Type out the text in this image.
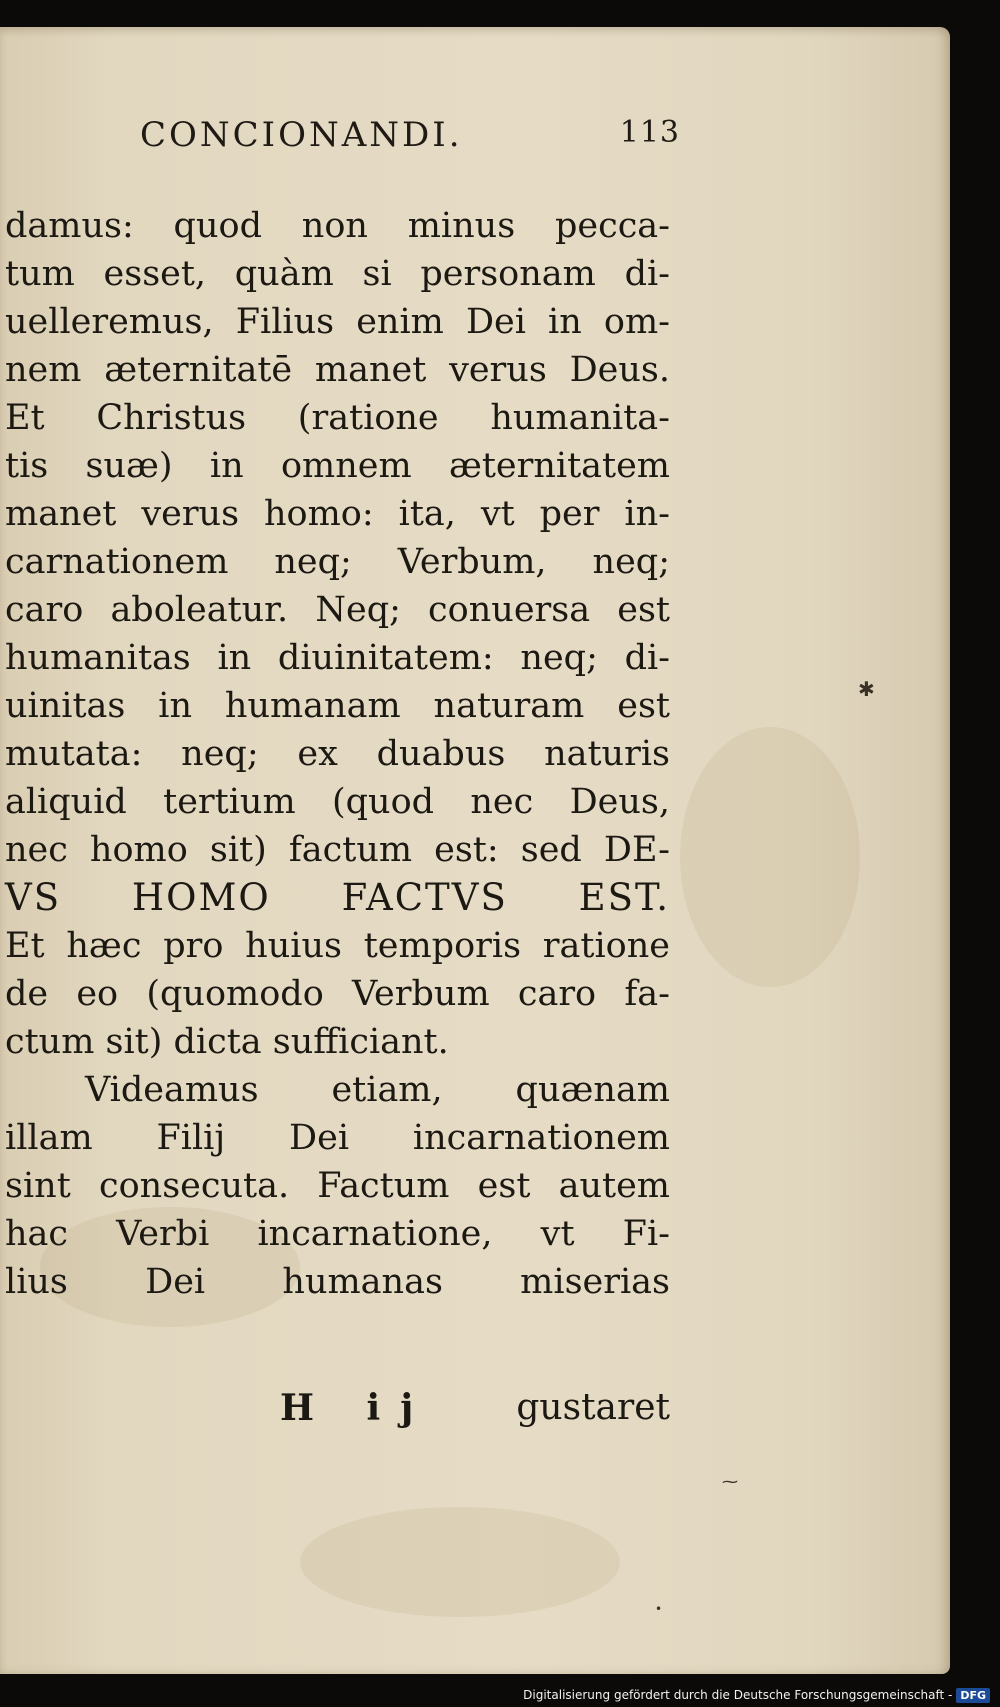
CONCIONANDI.	113
damus: quod non minus pecca-
tum esset, quàm si personam di-
uelleremus, Filius enim Dei in om-
nem æternitatē manet verus Deus.
Et Christus (ratione humanita-
tis suæ) in omnem æternitatem
manet verus homo: ita, vt per in-
carnationem neq; Verbum, neq;
caro aboleatur. Neq; conuersa est
humanitas in diuinitatem: neq; di-
uinitas in humanam naturam est
mutata: neq; ex duabus naturis
aliquid tertium (quod nec Deus,
nec homo sit) factum est: sed DE-
VS HOMO FACTVS EST.
Et hæc pro huius temporis ratione
de eo (quomodo Verbum caro fa-
ctum sit) dicta sufficiant.
Videamus etiam, quænam
illam Filij Dei incarnationem
sint consecuta. Factum est autem
hac Verbi incarnatione, vt Fi-
lius Dei humanas miserias
H ij gustaret
✱
⁓
•
Digitalisierung gefördert durch die Deutsche Forschungsgemeinschaft - DFG
